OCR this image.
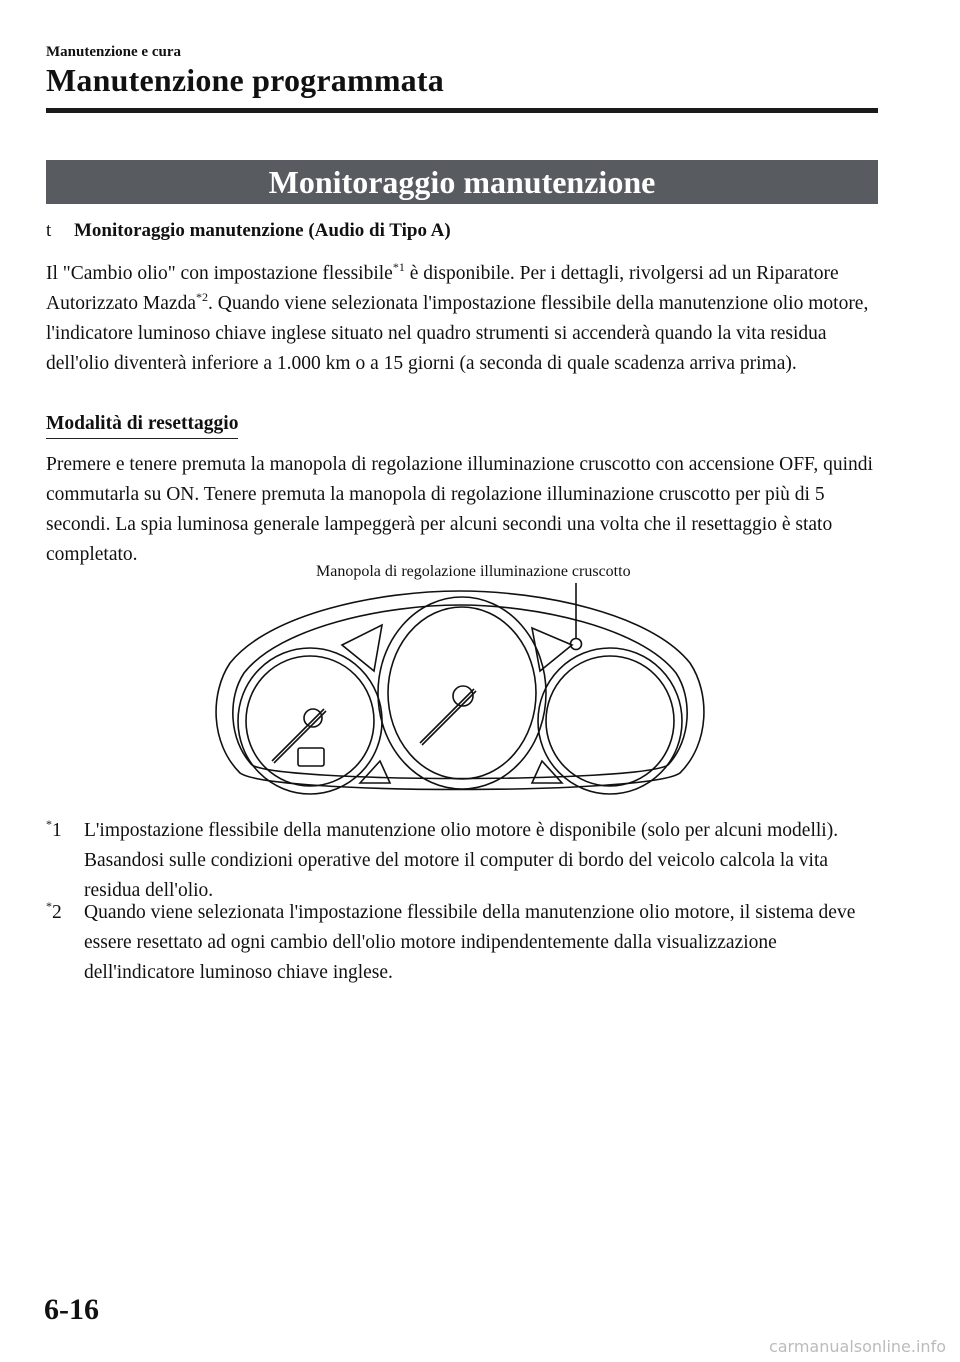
Manutenzione e cura
Manutenzione programmata
Monitoraggio manutenzione
t Monitoraggio manutenzione (Audio di Tipo A)

Il "Cambio olio" con impostazione flessibile$^{*1}$ è disponibile. Per i dettagli, rivolgersi ad un Riparatore Autorizzato Mazda$^{*2}$. Quando viene selezionata l'impostazione flessibile della manutenzione olio motore, l'indicatore luminoso chiave inglese situato nel quadro strumenti si accenderà quando la vita residua dell'olio diventerà inferiore a 1.000 km o a 15 giorni (a seconda di quale scadenza arriva prima).

Modalità di resettaggio

Premere e tenere premuta la manopola di regolazione illuminazione cruscotto con accensione OFF, quindi commutarla su ON. Tenere premuta la manopola di regolazione illuminazione cruscotto per più di 5 secondi. La spia luminosa generale lampeggerà per alcuni secondi una volta che il resettaggio è stato completato.

Manopola di regolazione illuminazione cruscotto
*1 L'impostazione flessibile della manutenzione olio motore è disponibile (solo per alcuni modelli). Basandosi sulle condizioni operative del motore il computer di bordo del veicolo calcola la vita residua dell'olio.
*2 Quando viene selezionata l'impostazione flessibile della manutenzione olio motore, il sistema deve essere resettato ad ogni cambio dell'olio motore indipendentemente dalla visualizzazione dell'indicatore luminoso chiave inglese.
6-16
carmanualsonline.info
